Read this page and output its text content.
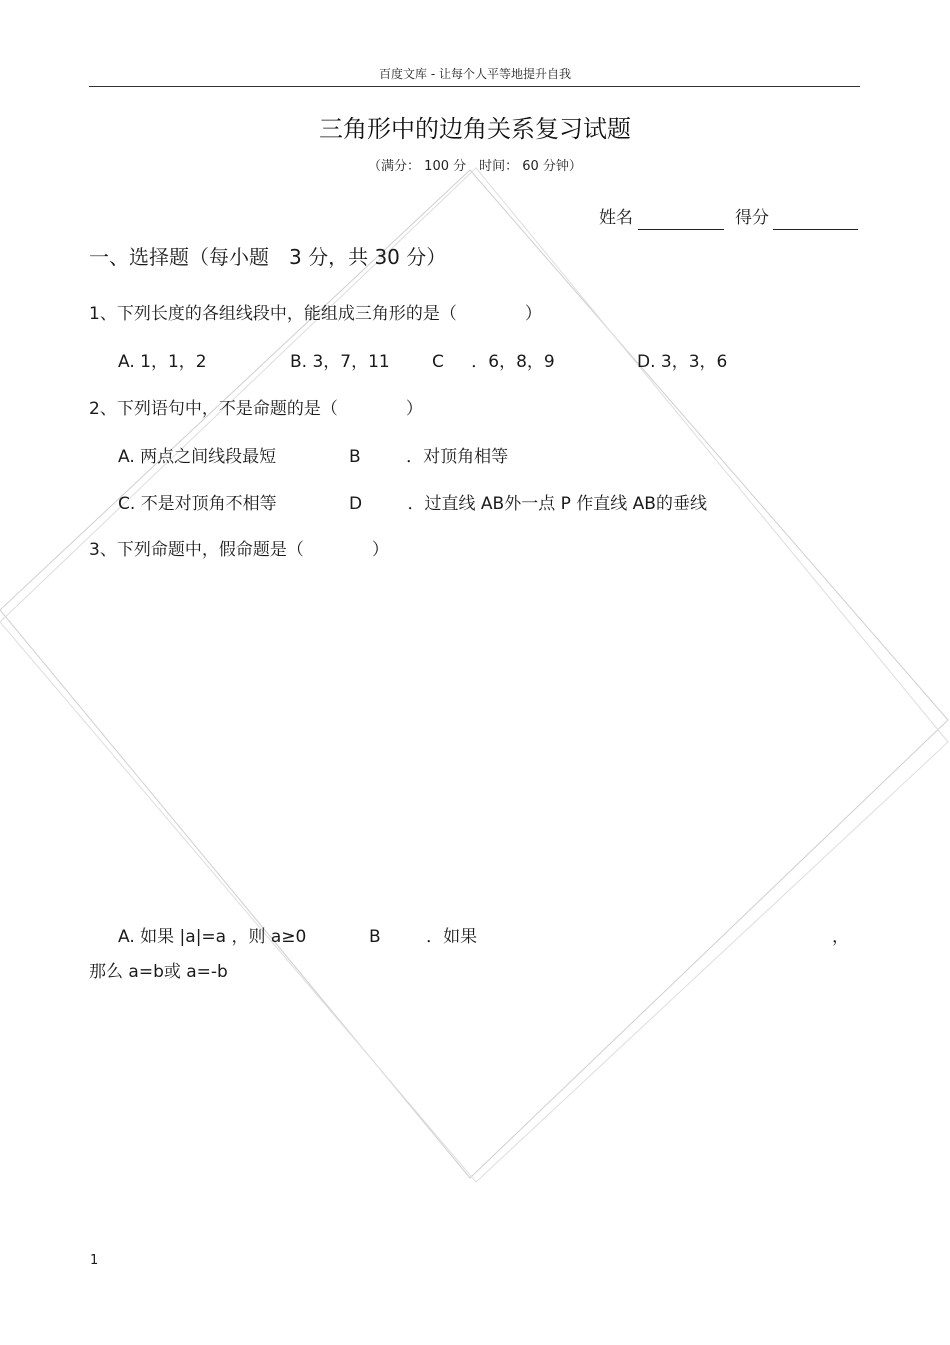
百度文库 - 让每个人平等地提升自我
三角形中的边角关系复习试题
（满分： 100 分　时间： 60 分钟）
姓名	得分
一、选择题（每小题　3 分，共 30 分）
1、下列长度的各组线段中，能组成三角形的是（　　　　）
A. 1，1，2	B. 3，7，11 C ．6，8，9	D. 3，3，6
2、下列语句中，不是命题的是（　　　　）
A. 两点之间线段最短	B	．对顶角相等
C. 不是对顶角不相等	D	．过直线 AB外一点 P 作直线 AB的垂线
3、下列命题中，假命题是（　　　　）
A. 如果 |a|=a ，则 a≥0	B	．如果	，
那么 a=b或 a=-b
1
